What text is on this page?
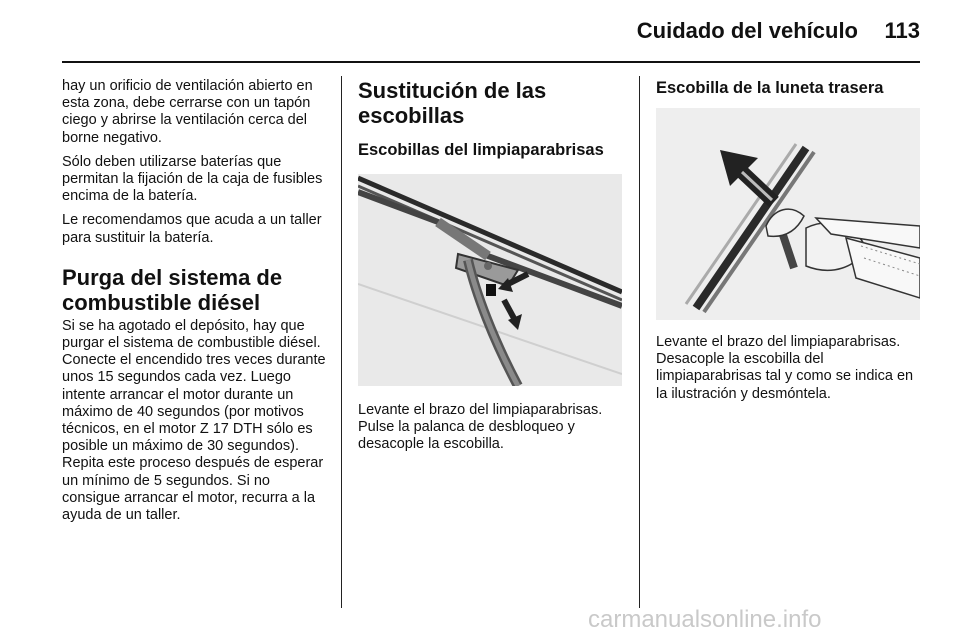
Cuidado del vehículo	113

hay un orificio de ventilación abierto en esta zona, debe cerrarse con un tapón ciego y abrirse la ventilación cerca del borne negativo.

Sólo deben utilizarse baterías que permitan la fijación de la caja de fusibles encima de la batería.

Le recomendamos que acuda a un taller para sustituir la batería.

Purga del sistema de combustible diésel

Si se ha agotado el depósito, hay que purgar el sistema de combustible diésel. Conecte el encendido tres veces durante unos 15 segundos cada vez. Luego intente arrancar el motor durante un máximo de 40 segundos (por motivos técnicos, en el motor Z 17 DTH sólo es posible un máximo de 30 segundos). Repita este proceso después de esperar un mínimo de 5 segundos. Si no consigue arrancar el motor, recurra a la ayuda de un taller.

Sustitución de las escobillas
Escobillas del limpiaparabrisas

Levante el brazo del limpiaparabrisas. Pulse la palanca de desbloqueo y desacople la escobilla.

Escobilla de la luneta trasera

Levante el brazo del limpiaparabrisas. Desacople la escobilla del limpiaparabrisas tal y como se indica en la ilustración y desmóntela.

carmanualsonline.info
